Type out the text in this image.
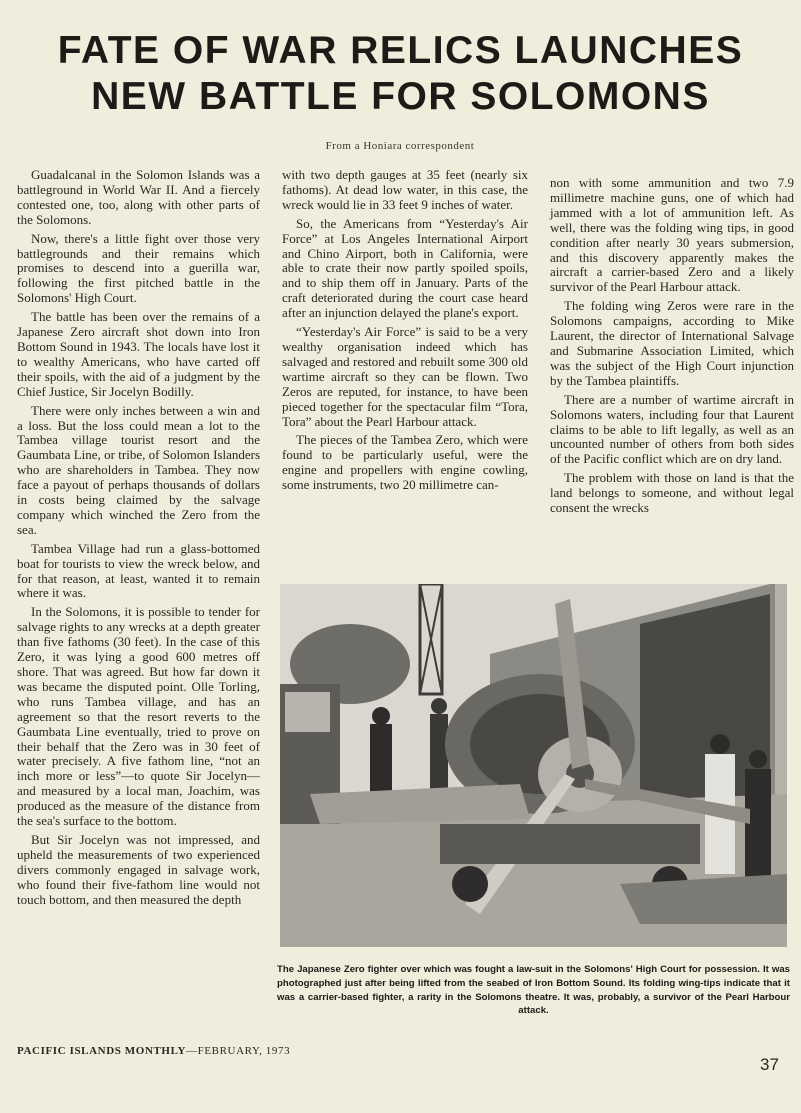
FATE OF WAR RELICS LAUNCHES
NEW BATTLE FOR SOLOMONS
From a Honiara correspondent

Guadalcanal in the Solomon Islands was a battleground in World War II. And a fiercely contested one, too, along with other parts of the Solomons.

Now, there's a little fight over those very battlegrounds and their remains which promises to descend into a guerilla war, following the first pitched battle in the Solomons' High Court.

The battle has been over the remains of a Japanese Zero aircraft shot down into Iron Bottom Sound in 1943. The locals have lost it to wealthy Americans, who have carted off their spoils, with the aid of a judgment by the Chief Justice, Sir Jocelyn Bodilly.

There were only inches between a win and a loss. But the loss could mean a lot to the Tambea village tourist resort and the Gaumbata Line, or tribe, of Solomon Islanders who are shareholders in Tambea. They now face a payout of perhaps thousands of dollars in costs being claimed by the salvage company which winched the Zero from the sea.

Tambea Village had run a glass-bottomed boat for tourists to view the wreck below, and for that reason, at least, wanted it to remain where it was.

In the Solomons, it is possible to tender for salvage rights to any wrecks at a depth greater than five fathoms (30 feet). In the case of this Zero, it was lying a good 600 metres off shore. That was agreed. But how far down it was became the disputed point. Olle Torling, who runs Tambea village, and has an agreement so that the resort reverts to the Gaumbata Line eventually, tried to prove on their behalf that the Zero was in 30 feet of water precisely. A five fathom line, “not an inch more or less”—to quote Sir Jocelyn—and measured by a local man, Joachim, was produced as the measure of the distance from the sea's surface to the bottom.

But Sir Jocelyn was not impressed, and upheld the measurements of two experienced divers commonly engaged in salvage work, who found their five-fathom line would not touch bottom, and then measured the depth

with two depth gauges at 35 feet (nearly six fathoms). At dead low water, in this case, the wreck would lie in 33 feet 9 inches of water.

So, the Americans from “Yesterday's Air Force” at Los Angeles International Airport and Chino Airport, both in California, were able to crate their now partly spoiled spoils, and to ship them off in January. Parts of the craft deteriorated during the court case heard after an injunction delayed the plane's export.

“Yesterday's Air Force” is said to be a very wealthy organisation indeed which has salvaged and restored and rebuilt some 300 old wartime aircraft so they can be flown. Two Zeros are reputed, for instance, to have been pieced together for the spectacular film “Tora, Tora” about the Pearl Harbour attack.

The pieces of the Tambea Zero, which were found to be particularly useful, were the engine and propellers with engine cowling, some instruments, two 20 millimetre can-

non with some ammunition and two 7.9 millimetre machine guns, one of which had jammed with a lot of ammunition left. As well, there was the folding wing tips, in good condition after nearly 30 years submersion, and this discovery apparently makes the aircraft a carrier-based Zero and a likely survivor of the Pearl Harbour attack.

The folding wing Zeros were rare in the Solomons campaigns, according to Mike Laurent, the director of International Salvage and Submarine Association Limited, which was the subject of the High Court injunction by the Tambea plaintiffs.

There are a number of wartime aircraft in Solomons waters, including four that Laurent claims to be able to lift legally, as well as an uncounted number of others from both sides of the Pacific conflict which are on dry land.

The problem with those on land is that the land belongs to someone, and without legal consent the wrecks

The Japanese Zero fighter over which was fought a law-suit in the Solomons' High Court for possession. It was photographed just after being lifted from the seabed of Iron Bottom Sound. Its folding wing-tips indicate that it was a carrier-based fighter, a rarity in the Solomons theatre. It was, probably, a survivor of the Pearl Harbour attack.
PACIFIC ISLANDS MONTHLY—FEBRUARY, 1973
37
